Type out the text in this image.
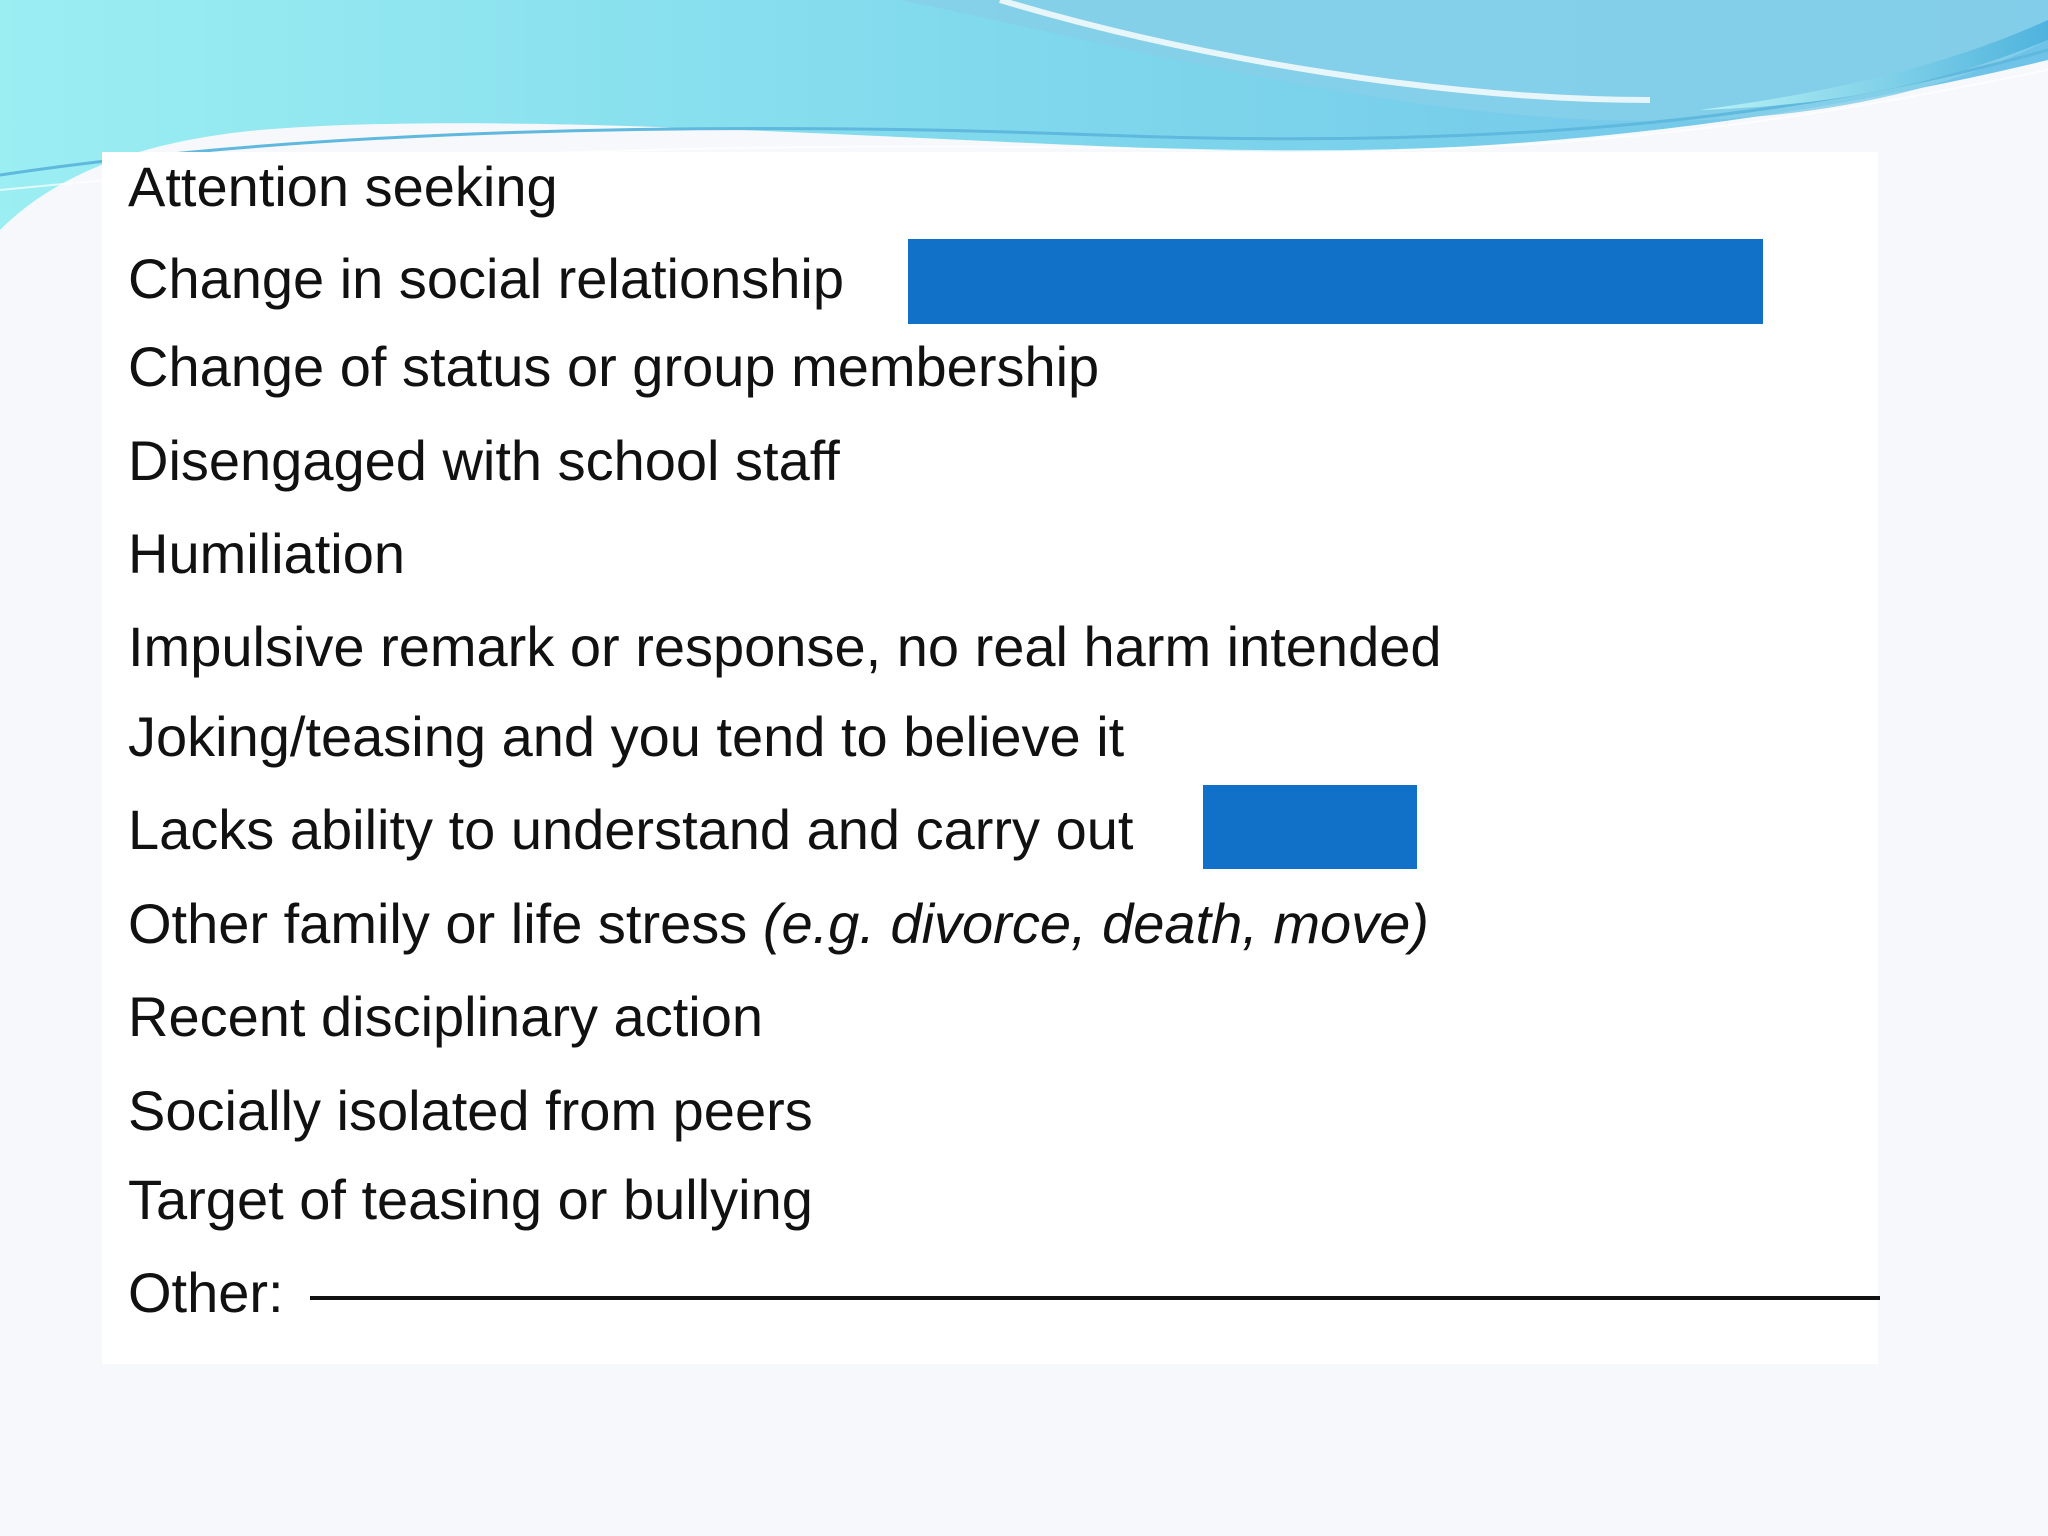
Attention seeking
Change in social relationship
Change of status or group membership
Disengaged with school staff
Humiliation
Impulsive remark or response, no real harm intended
Joking/teasing and you tend to believe it
Lacks ability to understand and carry out
Other family or life stress (e.g. divorce, death, move)
Recent disciplinary action
Socially isolated from peers
Target of teasing or bullying
Other:
